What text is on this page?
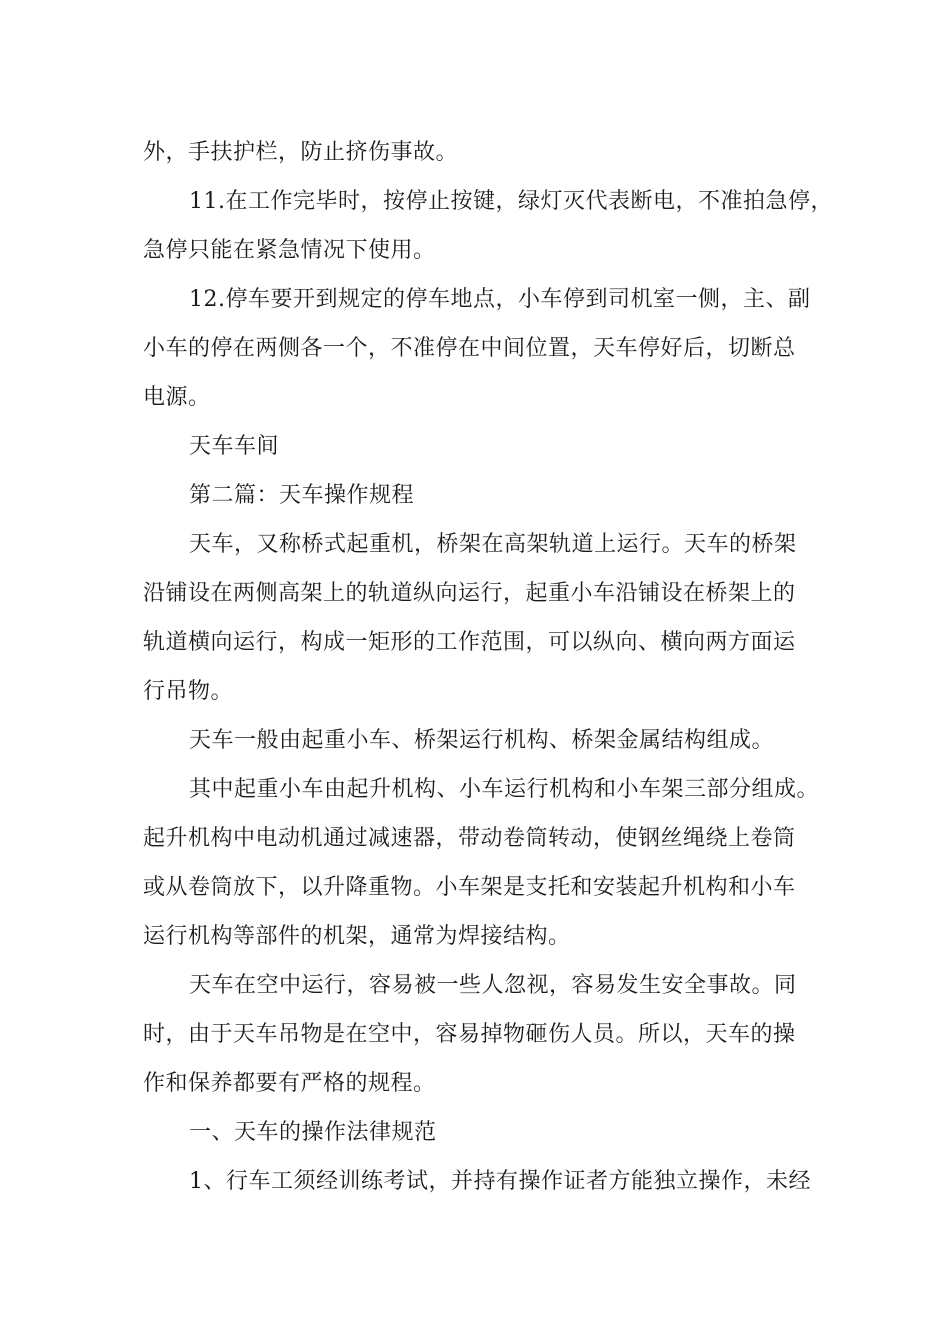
外，手扶护栏，防止挤伤事故。
11.在工作完毕时，按停止按键，绿灯灭代表断电，不准拍急停，
急停只能在紧急情况下使用。
12.停车要开到规定的停车地点，小车停到司机室一侧，主、副
小车的停在两侧各一个，不准停在中间位置，天车停好后，切断总
电源。
天车车间
第二篇：天车操作规程
天车，又称桥式起重机，桥架在高架轨道上运行。天车的桥架
沿铺设在两侧高架上的轨道纵向运行，起重小车沿铺设在桥架上的
轨道横向运行，构成一矩形的工作范围，可以纵向、横向两方面运
行吊物。
天车一般由起重小车、桥架运行机构、桥架金属结构组成。
其中起重小车由起升机构、小车运行机构和小车架三部分组成。
起升机构中电动机通过减速器，带动卷筒转动，使钢丝绳绕上卷筒
或从卷筒放下，以升降重物。小车架是支托和安装起升机构和小车
运行机构等部件的机架，通常为焊接结构。
天车在空中运行，容易被一些人忽视，容易发生安全事故。同
时，由于天车吊物是在空中，容易掉物砸伤人员。所以，天车的操
作和保养都要有严格的规程。
一、天车的操作法律规范
1、行车工须经训练考试，并持有操作证者方能独立操作，未经
